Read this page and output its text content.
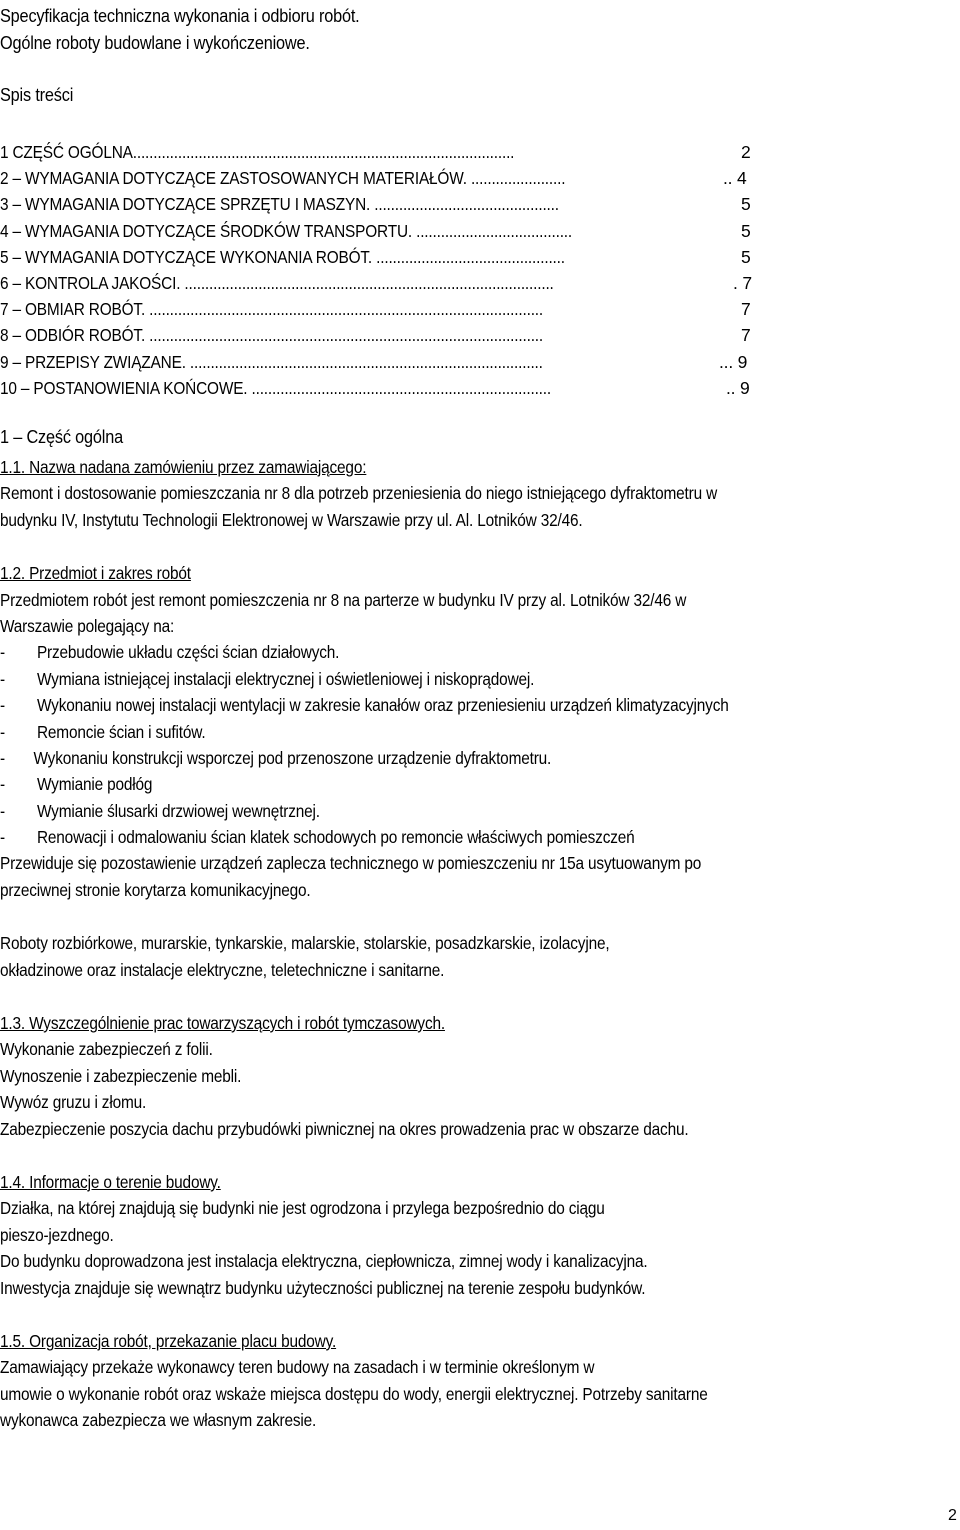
Specyfikacja techniczna wykonania i odbioru robót.
Ogólne roboty budowlane i wykończeniowe.
Spis treści
1 CZĘŚĆ OGÓLNA.............................................................................................	2
2 – WYMAGANIA DOTYCZĄCE ZASTOSOWANYCH MATERIAŁÓW. .......................	.. 4
3 – WYMAGANIA DOTYCZĄCE SPRZĘTU I MASZYN. .............................................	5
4 – WYMAGANIA DOTYCZĄCE ŚRODKÓW TRANSPORTU. ......................................	5
5 – WYMAGANIA DOTYCZĄCE WYKONANIA ROBÓT. ..............................................	5
6 – KONTROLA JAKOŚCI. ..........................................................................................	. 7
7 – OBMIAR ROBÓT. ................................................................................................	7
8 – ODBIÓR ROBÓT. ................................................................................................	7
9 – PRZEPISY ZWIĄZANE. ......................................................................................	... 9
10 – POSTANOWIENIA KOŃCOWE. .........................................................................	.. 9
1 – Część ogólna
1.1. Nazwa nadana zamówieniu przez zamawiającego:
Remont i dostosowanie pomieszczania nr 8 dla potrzeb przeniesienia do niego istniejącego dyfraktometru w
budynku IV, Instytutu Technologii Elektronowej w Warszawie przy ul. Al. Lotników 32/46.
1.2. Przedmiot i zakres robót
Przedmiotem robót jest remont pomieszczenia nr 8 na parterze w budynku IV przy al. Lotników 32/46 w
Warszawie polegający na:
- Przebudowie układu części ścian działowych.
- Wymiana istniejącej instalacji elektrycznej i oświetleniowej i niskoprądowej.
- Wykonaniu nowej instalacji wentylacji w zakresie kanałów oraz przeniesieniu urządzeń klimatyzacyjnych
- Remoncie ścian i sufitów.
- Wykonaniu konstrukcji wsporczej pod przenoszone urządzenie dyfraktometru.
- Wymianie podłóg
- Wymianie ślusarki drzwiowej wewnętrznej.
- Renowacji i odmalowaniu ścian klatek schodowych po remoncie właściwych pomieszczeń
Przewiduje się pozostawienie urządzeń zaplecza technicznego w pomieszczeniu nr 15a usytuowanym po
przeciwnej stronie korytarza komunikacyjnego.
Roboty rozbiórkowe, murarskie, tynkarskie, malarskie, stolarskie, posadzkarskie, izolacyjne,
okładzinowe oraz instalacje elektryczne, teletechniczne i sanitarne.
1.3. Wyszczególnienie prac towarzyszących i robót tymczasowych.
Wykonanie zabezpieczeń z folii.
Wynoszenie i zabezpieczenie mebli.
Wywóz gruzu i złomu.
Zabezpieczenie poszycia dachu przybudówki piwnicznej na okres prowadzenia prac w obszarze dachu.
1.4. Informacje o terenie budowy.
Działka, na której znajdują się budynki nie jest ogrodzona i przylega bezpośrednio do ciągu
pieszo-jezdnego.
Do budynku doprowadzona jest instalacja elektryczna, ciepłownicza, zimnej wody i kanalizacyjna.
Inwestycja znajduje się wewnątrz budynku użyteczności publicznej na terenie zespołu budynków.
1.5. Organizacja robót, przekazanie placu budowy.
Zamawiający przekaże wykonawcy teren budowy na zasadach i w terminie określonym w
umowie o wykonanie robót oraz wskaże miejsca dostępu do wody, energii elektrycznej. Potrzeby sanitarne
wykonawca zabezpiecza we własnym zakresie.
2
